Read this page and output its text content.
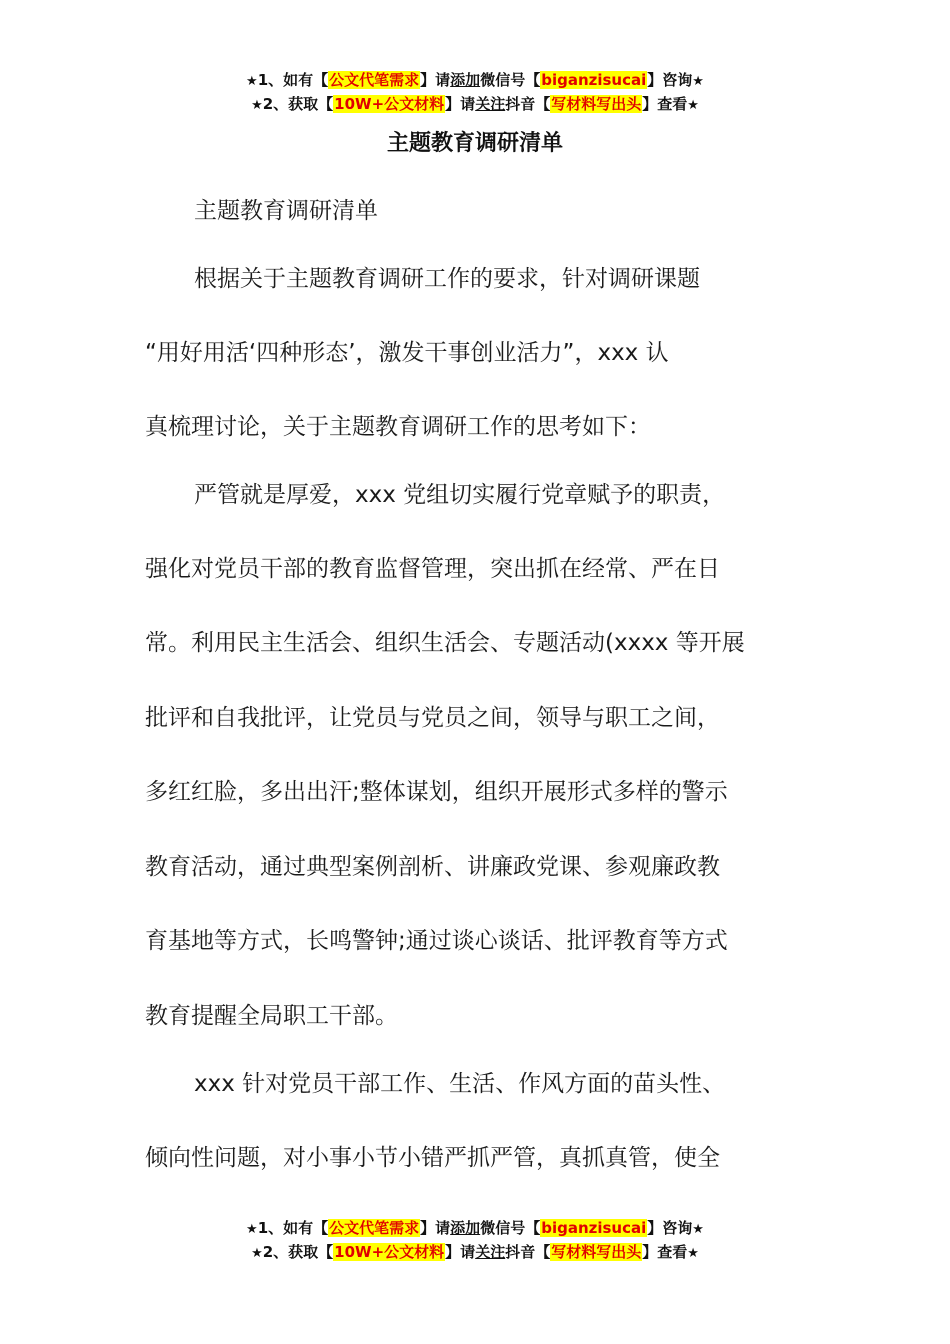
★1、如有【公文代笔需求】请添加微信号【biganzisucai】咨询★
★2、获取【10W+公文材料】请关注抖音【写材料写出头】查看★
主题教育调研清单
主题教育调研清单
根据关于主题教育调研工作的要求，针对调研课题
“用好用活‘四种形态’，激发干事创业活力”，xxx 认
真梳理讨论，关于主题教育调研工作的思考如下：
严管就是厚爱，xxx 党组切实履行党章赋予的职责，
强化对党员干部的教育监督管理，突出抓在经常、严在日
常。利用民主生活会、组织生活会、专题活动(xxxx 等开展
批评和自我批评，让党员与党员之间，领导与职工之间，
多红红脸，多出出汗;整体谋划，组织开展形式多样的警示
教育活动，通过典型案例剖析、讲廉政党课、参观廉政教
育基地等方式，长鸣警钟;通过谈心谈话、批评教育等方式
教育提醒全局职工干部。
xxx 针对党员干部工作、生活、作风方面的苗头性、
倾向性问题，对小事小节小错严抓严管，真抓真管，使全
★1、如有【公文代笔需求】请添加微信号【biganzisucai】咨询★
★2、获取【10W+公文材料】请关注抖音【写材料写出头】查看★
